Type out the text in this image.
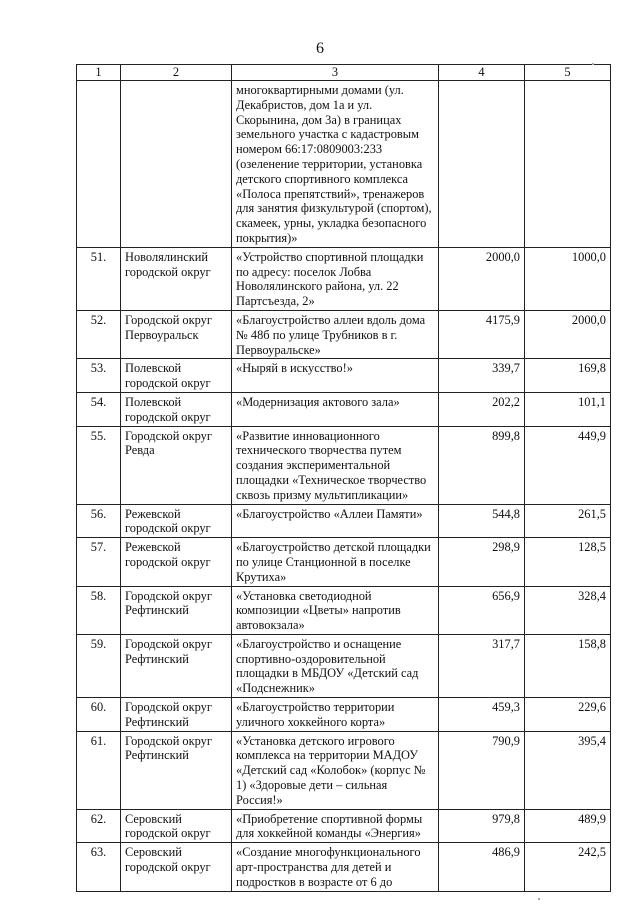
6
1	2	3	4	5
		многоквартирными домами (ул. Декабристов, дом 1а и ул. Скорынина, дом 3а) в границах земельного участка с кадастровым номером 66:17:0809003:233 (озеленение территории, установка детского спортивного комплекса «Полоса препятствий», тренажеров для занятия физкультурой (спортом), скамеек, урны, укладка безопасного покрытия)»		
51.	Новолялинский городской округ	«Устройство спортивной площадки по адресу: поселок Лобва Новолялинского района, ул. 22 Партсъезда, 2»	2000,0	1000,0
52.	Городской округ Первоуральск	«Благоустройство аллеи вдоль дома № 48б по улице Трубников в г. Первоуральске»	4175,9	2000,0
53.	Полевской городской округ	«Ныряй в искусство!»	339,7	169,8
54.	Полевской городской округ	«Модернизация актового зала»	202,2	101,1
55.	Городской округ Ревда	«Развитие инновационного технического творчества путем создания экспериментальной площадки «Техническое творчество сквозь призму мультипликации»	899,8	449,9
56.	Режевской городской округ	«Благоустройство «Аллеи Памяти»	544,8	261,5
57.	Режевской городской округ	«Благоустройство детской площадки по улице Станционной в поселке Крутиха»	298,9	128,5
58.	Городской округ Рефтинский	«Установка светодиодной композиции «Цветы» напротив автовокзала»	656,9	328,4
59.	Городской округ Рефтинский	«Благоустройство и оснащение спортивно-оздоровительной площадки в МБДОУ «Детский сад «Подснежник»	317,7	158,8
60.	Городской округ Рефтинский	«Благоустройство территории уличного хоккейного корта»	459,3	229,6
61.	Городской округ Рефтинский	«Установка детского игрового комплекса на территории МАДОУ «Детский сад «Колобок» (корпус № 1) «Здоровые дети – сильная Россия!»	790,9	395,4
62.	Серовский городской округ	«Приобретение спортивной формы для хоккейной команды «Энергия»	979,8	489,9
63.	Серовский городской округ	«Создание многофункционального арт-пространства для детей и подростков в возрасте от 6 до	486,9	242,5
